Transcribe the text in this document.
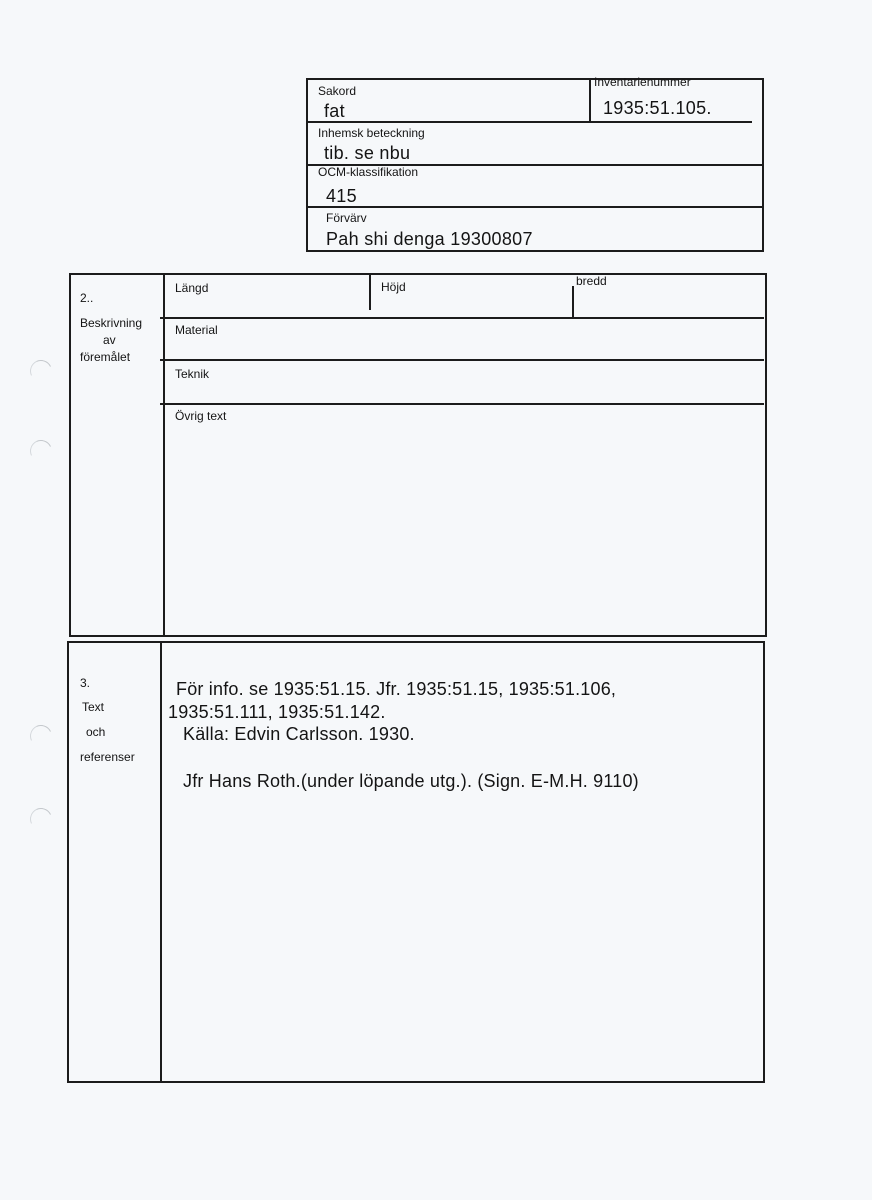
Sakord
fat
Inventarienummer
1935:51.105.
Inhemsk beteckning
tib. se nbu
OCM-klassifikation
415
Förvärv
Pah shi denga 19300807
2..
Beskrivning
av
föremålet
Längd	Höjd	bredd
Material
Teknik
Övrig text
3.
Text
och
referenser
För info. se 1935:51.15. Jfr. 1935:51.15, 1935:51.106,
1935:51.111, 1935:51.142.
Källa: Edvin Carlsson. 1930.
Jfr Hans Roth.(under löpande utg.). (Sign. E-M.H. 9110)
